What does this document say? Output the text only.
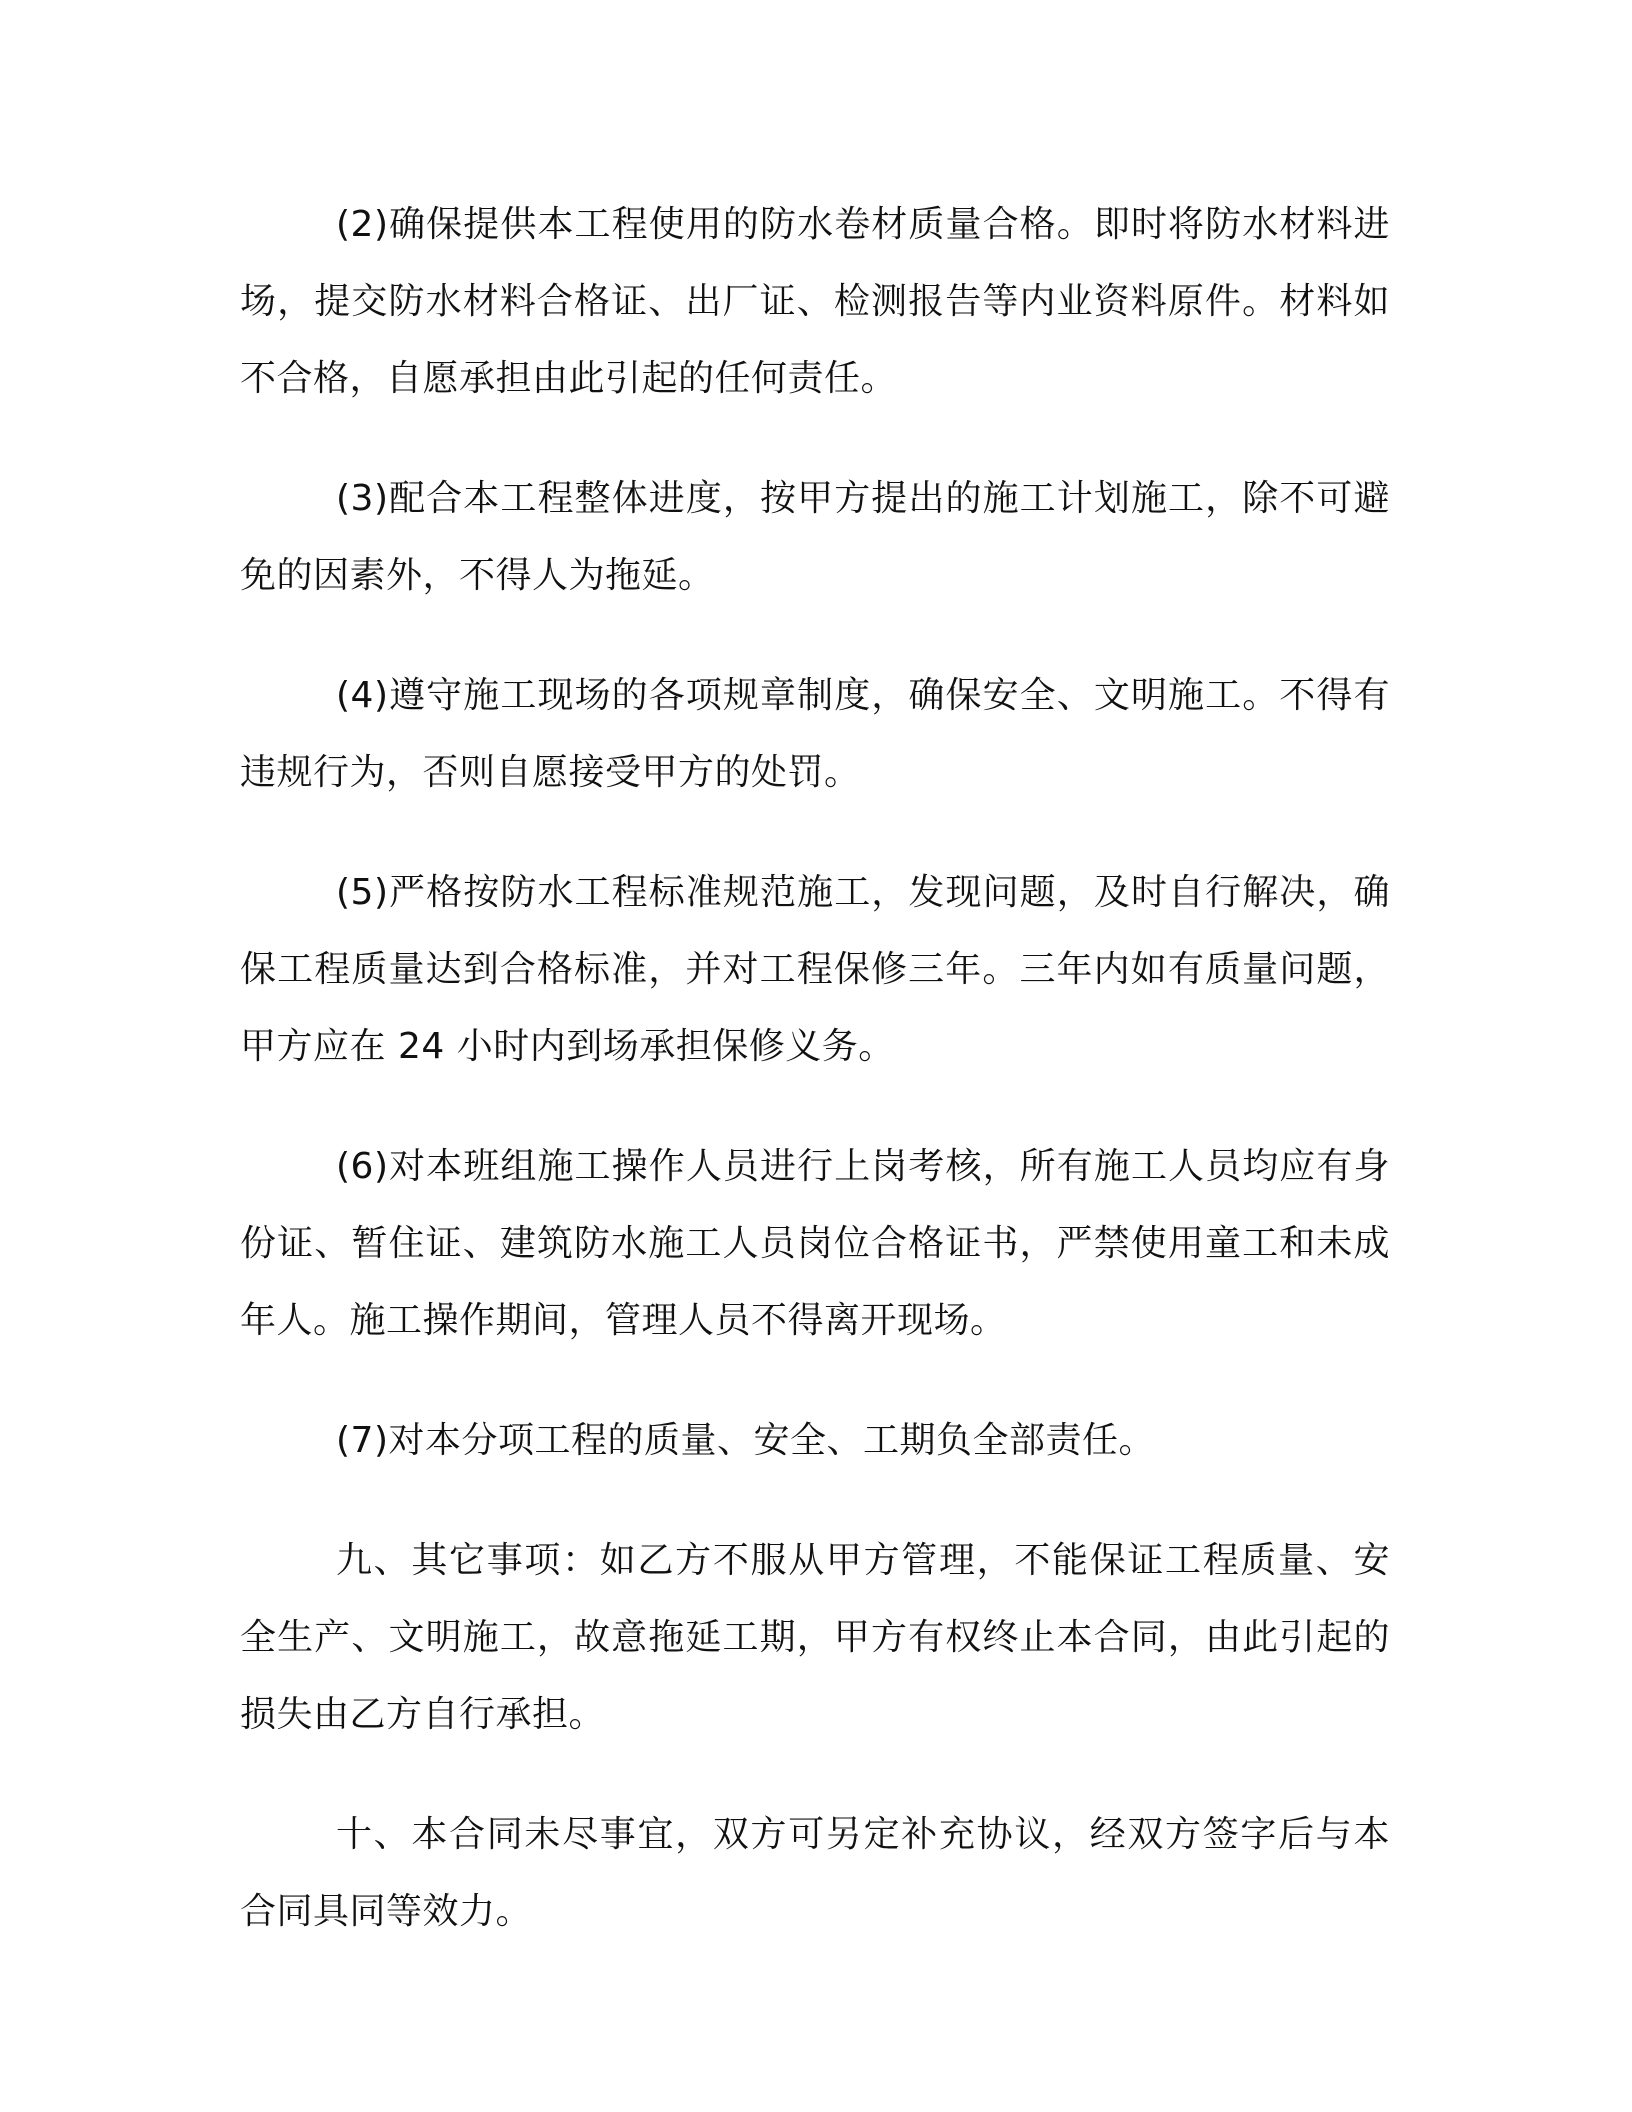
(2)确保提供本工程使用的防水卷材质量合格。即时将防水材料进场，提交防水材料合格证、出厂证、检测报告等内业资料原件。材料如不合格，自愿承担由此引起的任何责任。

(3)配合本工程整体进度，按甲方提出的施工计划施工，除不可避免的因素外，不得人为拖延。

(4)遵守施工现场的各项规章制度，确保安全、文明施工。不得有违规行为，否则自愿接受甲方的处罚。

(5)严格按防水工程标准规范施工，发现问题，及时自行解决，确保工程质量达到合格标准，并对工程保修三年。三年内如有质量问题，甲方应在 24 小时内到场承担保修义务。

(6)对本班组施工操作人员进行上岗考核，所有施工人员均应有身份证、暂住证、建筑防水施工人员岗位合格证书，严禁使用童工和未成年人。施工操作期间，管理人员不得离开现场。

(7)对本分项工程的质量、安全、工期负全部责任。

九、其它事项：如乙方不服从甲方管理，不能保证工程质量、安全生产、文明施工，故意拖延工期，甲方有权终止本合同，由此引起的损失由乙方自行承担。

十、本合同未尽事宜，双方可另定补充协议，经双方签字后与本合同具同等效力。
